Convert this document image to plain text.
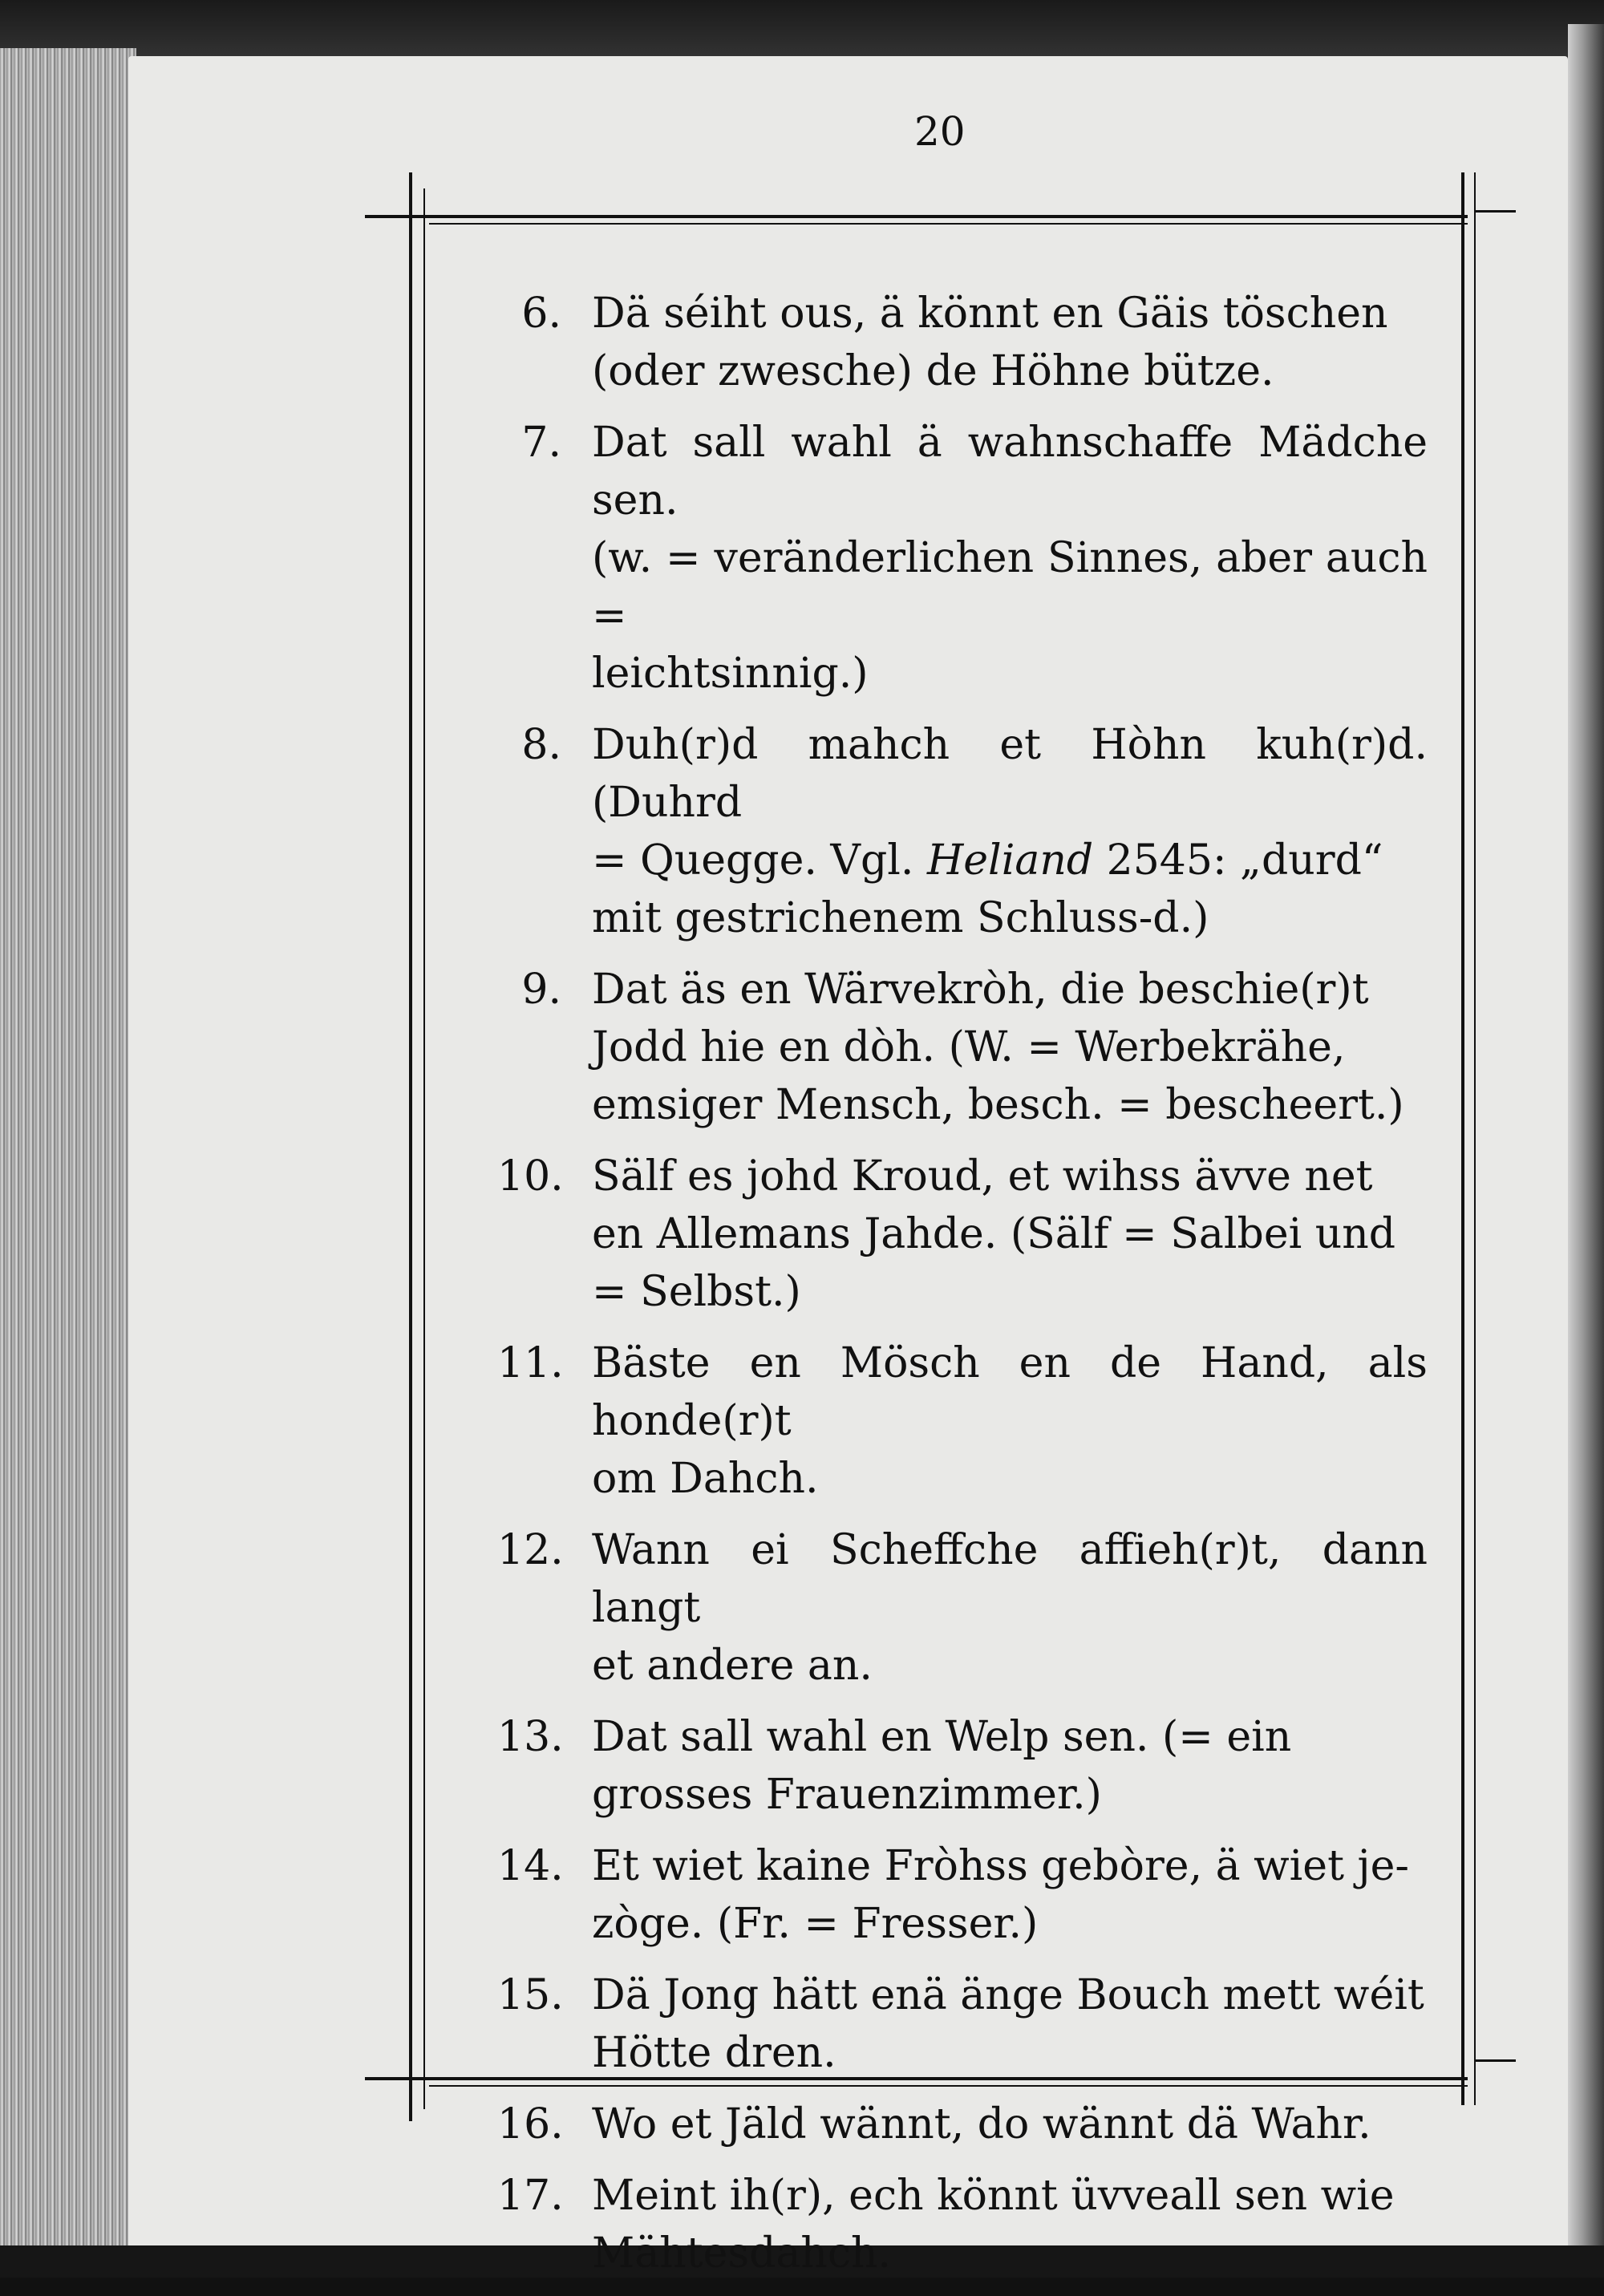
20
6. Dä séiht ous, ä könnt en Gäis töschen
(oder zwesche) de Höhne bütze.
7. Dat sall wahl ä wahnschaffe Mädche sen.
(w. = veränderlichen Sinnes, aber auch =
leichtsinnig.)
8. Duh(r)d mahch et Hòhn kuh(r)d. (Duhrd
= Quegge. Vgl. Heliand 2545: „durd“
mit gestrichenem Schluss-d.)
9. Dat äs en Wärvekròh, die beschie(r)t
Jodd hie en dòh. (W. = Werbekrähe,
emsiger Mensch, besch. = bescheert.)
10. Sälf es johd Kroud, et wihss ävve net
en Allemans Jahde. (Sälf = Salbei und
= Selbst.)
11. Bäste en Mösch en de Hand, als honde(r)t
om Dahch.
12. Wann ei Scheffche affieh(r)t, dann langt
et andere an.
13. Dat sall wahl en Welp sen. (= ein
grosses Frauenzimmer.)
14. Et wiet kaine Fròhss gebòre, ä wiet je-
zòge. (Fr. = Fresser.)
15. Dä Jong hätt enä änge Bouch mett wéit
Hötte dren.
16. Wo et Jäld wännt, do wännt dä Wahr.
17. Meint ih(r), ech könnt üvveall sen wie
Mähtesdahch.
